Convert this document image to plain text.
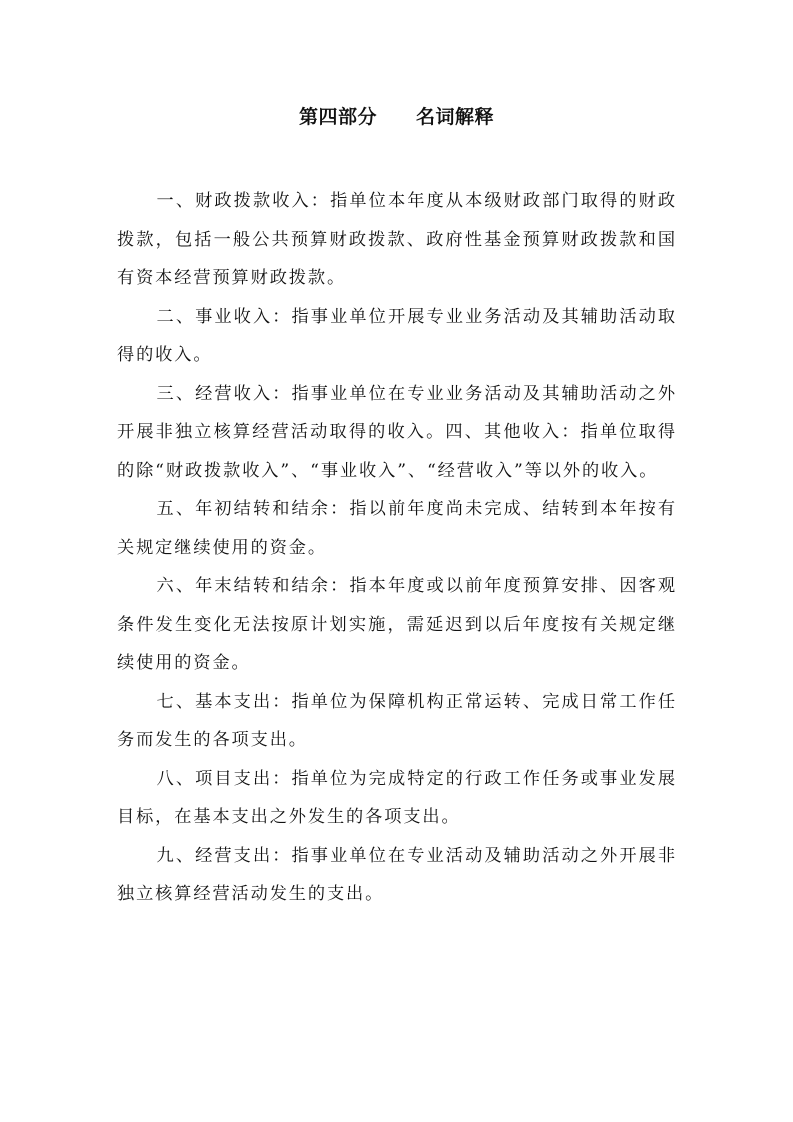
第四部分　　名词解释

一、财政拨款收入：指单位本年度从本级财政部门取得的财政拨款，包括一般公共预算财政拨款、政府性基金预算财政拨款和国有资本经营预算财政拨款。

二、事业收入：指事业单位开展专业业务活动及其辅助活动取得的收入。

三、经营收入：指事业单位在专业业务活动及其辅助活动之外开展非独立核算经营活动取得的收入。四、其他收入：指单位取得的除“财政拨款收入”、“事业收入”、“经营收入”等以外的收入。

五、年初结转和结余：指以前年度尚未完成、结转到本年按有关规定继续使用的资金。

六、年末结转和结余：指本年度或以前年度预算安排、因客观条件发生变化无法按原计划实施，需延迟到以后年度按有关规定继续使用的资金。

七、基本支出：指单位为保障机构正常运转、完成日常工作任务而发生的各项支出。

八、项目支出：指单位为完成特定的行政工作任务或事业发展目标，在基本支出之外发生的各项支出。

九、经营支出：指事业单位在专业活动及辅助活动之外开展非独立核算经营活动发生的支出。
